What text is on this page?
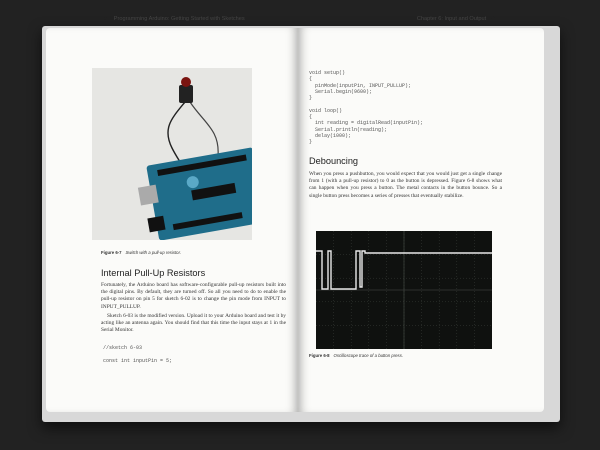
86 Programming Arduino: Getting Started with Sketches
Figure 6-7 Switch with a pull-up resistor.
Internal Pull-Up Resistors
Fortunately, the Arduino board has software-configurable pull-up resistors built into the digital pins. By default, they are turned off. So all you need to do to enable the pull-up resistor on pin 5 for sketch 6-02 is to change the pin mode from INPUT to INPUT_PULLUP.
Sketch 6-03 is the modified version. Upload it to your Arduino board and test it by acting like an antenna again. You should find that this time the input stays at 1 in the Serial Monitor.
//sketch 6-03

const int inputPin = 5;
Chapter 6: Input and Output 87
void setup()
{
pinMode(inputPin, INPUT_PULLUP);
Serial.begin(9600);
}

void loop()
{
int reading = digitalRead(inputPin);
Serial.println(reading);
delay(1000);
}
Debouncing
When you press a pushbutton, you would expect that you would just get a single change from 1 (with a pull-up resistor) to 0 as the button is depressed. Figure 6-8 shows what can happen when you press a button. The metal contacts in the button bounce. So a single button press becomes a series of presses that eventually stabilize.
Figure 6-8 Oscilloscope trace of a button press.
